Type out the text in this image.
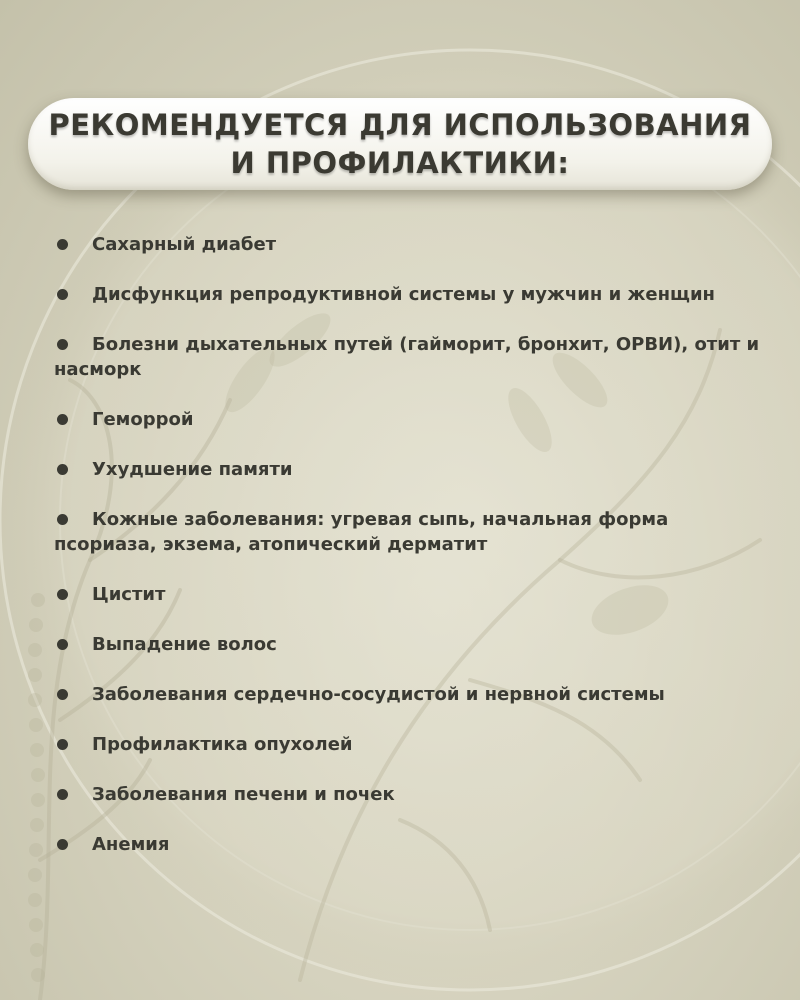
РЕКОМЕНДУЕТСЯ ДЛЯ ИСПОЛЬЗОВАНИЯ
И ПРОФИЛАКТИКИ:
Сахарный диабет
Дисфункция репродуктивной системы у мужчин и женщин
Болезни дыхательных путей (гайморит, бронхит, ОРВИ), отит и насморк
Геморрой
Ухудшение памяти
Кожные заболевания: угревая сыпь, начальная форма псориаза, экзема, атопический дерматит
Цистит
Выпадение волос
Заболевания сердечно-сосудистой и нервной системы
Профилактика опухолей
Заболевания печени и почек
Анемия
